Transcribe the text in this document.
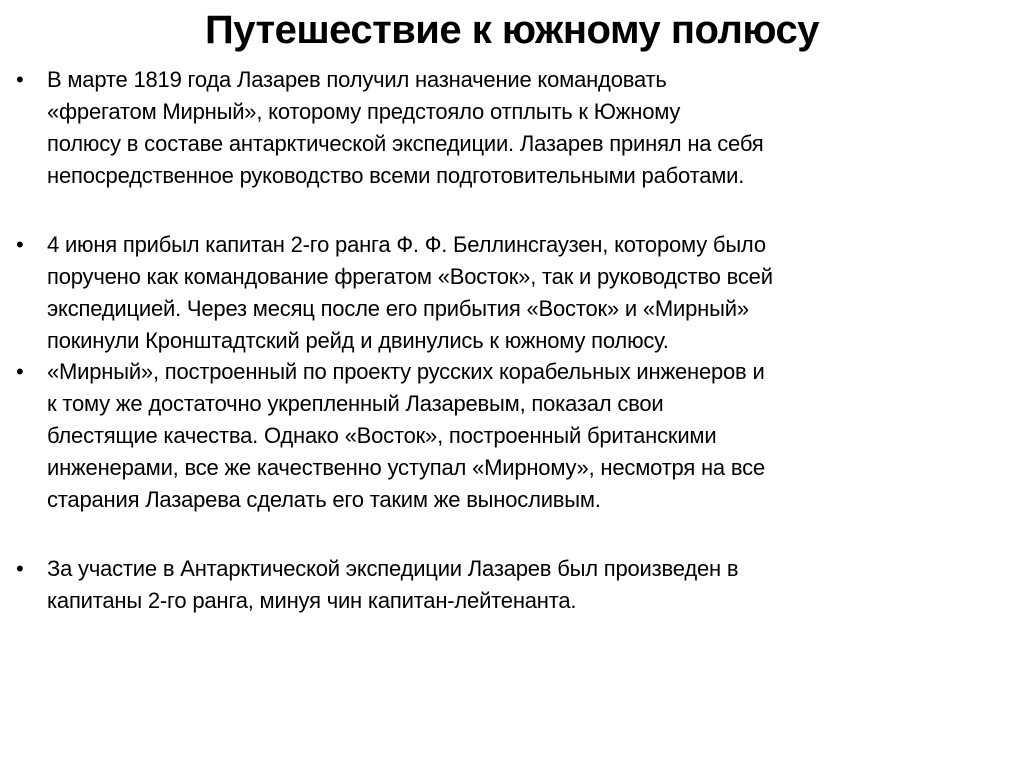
Путешествие к южному полюсу
• В марте 1819 года Лазарев получил назначение командовать
«фрегатом Мирный», которому предстояло отплыть к Южному
полюсу в составе антарктической экспедиции. Лазарев принял на себя
непосредственное руководство всеми подготовительными работами.
• 4 июня прибыл капитан 2-го ранга Ф. Ф. Беллинсгаузен, которому было
поручено как командование фрегатом «Восток», так и руководство всей
экспедицией. Через месяц после его прибытия «Восток» и «Мирный»
покинули Кронштадтский рейд и двинулись к южному полюсу.
• «Мирный», построенный по проекту русских корабельных инженеров и
к тому же достаточно укрепленный Лазаревым, показал свои
блестящие качества. Однако «Восток», построенный британскими
инженерами, все же качественно уступал «Мирному», несмотря на все
старания Лазарева сделать его таким же выносливым.
• За участие в Антарктической экспедиции Лазарев был произведен в
капитаны 2-го ранга, минуя чин капитан-лейтенанта.
